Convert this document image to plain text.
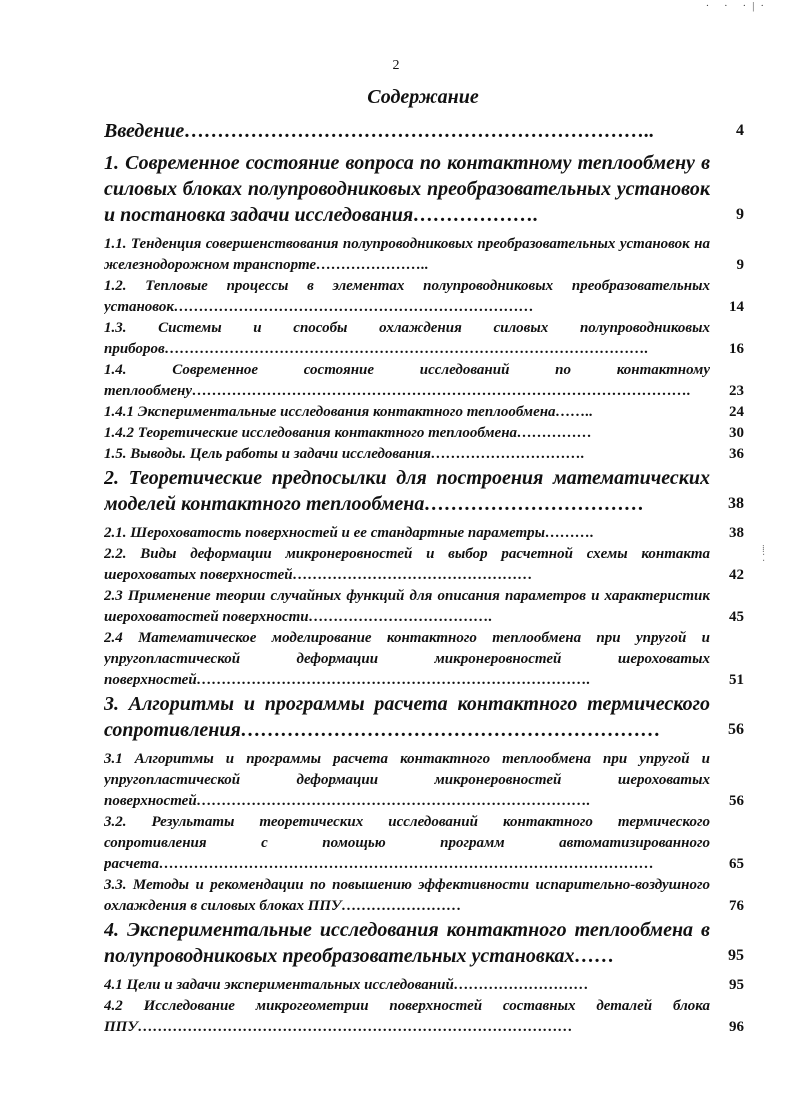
· · ·|·
⁞ ⁚
2
Содержание
Введение……………………………………………………………..	4
1. Современное состояние вопроса по контактному теплообмену в силовых блоках полупроводниковых преобразовательных установок и постановка задачи исследования……………….	9
1.1. Тенденция совершенствования полупроводниковых преобразовательных установок на железнодорожном транспорте…………………..	9
1.2. Тепловые процессы в элементах полупроводниковых преобразовательных установок………………………………………………………………	14
1.3. Системы и способы охлаждения силовых полупроводниковых приборов…………………………………………………………………………………….	16
1.4. Современное состояние исследований по контактному теплообмену……………………………………………………………………………………….	23
1.4.1 Экспериментальные исследования контактного теплообмена……..	24
1.4.2 Теоретические исследования контактного теплообмена……………	30
1.5. Выводы. Цель работы и задачи исследования………………………….	36
2. Теоретические предпосылки для построения математических моделей контактного теплообмена……………………………	38
2.1. Шероховатость поверхностей и ее стандартные параметры……….	38
2.2. Виды деформации микронеровностей и выбор расчетной схемы контакта шероховатых поверхностей…………………………………………	42
2.3 Применение теории случайных функций для описания параметров и характеристик шероховатостей поверхности……………………………….	45
2.4 Математическое моделирование контактного теплообмена при упругой и упругопластической деформации микронеровностей шероховатых поверхностей…………………………………………………………………….	51
3. Алгоритмы и программы расчета контактного термического сопротивления………………………………………………………	56
3.1 Алгоритмы и программы расчета контактного теплообмена при упругой и упругопластической деформации микронеровностей шероховатых поверхностей…………………………………………………………………….	56
3.2. Результаты теоретических исследований контактного термического сопротивления с помощью программ автоматизированного расчета………………………………………………………………………………………	65
3.3. Методы и рекомендации по повышению эффективности испарительно-воздушного охлаждения в силовых блоках ППУ……………………	76
4. Экспериментальные исследования контактного теплообмена в полупроводниковых преобразовательных установках……	95
4.1 Цели и задачи экспериментальных исследований………………………	95
4.2 Исследование микрогеометрии поверхностей составных деталей блока ППУ……………………………………………………………………………	96
